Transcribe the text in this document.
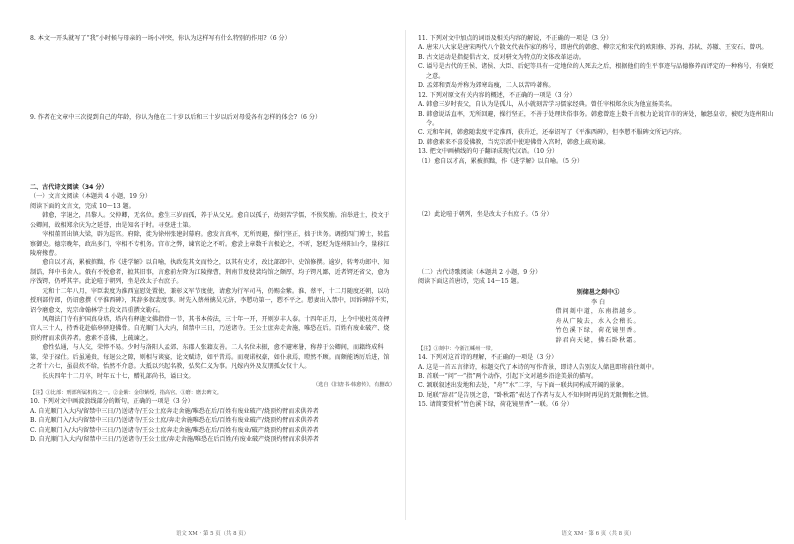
8. 本文一开头就写了“我”小时候与母亲的一场小冲突，你认为这样写有什么特别的作用?（6 分）

9. 作者在文章中三次提到自己的年龄，你认为他在二十岁以后和三十岁以后对母爱各有怎样的体会?（6 分）

二、古代诗文阅读（34 分）

（一）文言文阅读（本题共 4 小题，19 分）

阅读下面的文言文，完成 10～13 题。

韩愈，字退之，昌黎人。父仲卿，无名位。愈生三岁而孤，养于从父兄。愈自以孤子，幼刻苦学儒，不俟奖励。洎举进士，投文于公卿间，故相郑余庆为之延誉，由是知名于时。寻登进士第。

宰相董晋出镇大梁，辟为巡官。府除，徙为徐州张建封幕府。愈发言真率，无所畏避，操行坚正，拙于世务。调授四门博士，转监察御史。德宗晚年，政出多门，宰相不专机务。宫市之弊，谏官论之不听。愈尝上章数千言极论之，不听，怒贬为连州阳山令，量移江陵府掾曹。

愈自以才高，累被摈黜，作《进学解》以自喻，执政览其文而怜之，以其有史才，改比部郎中、史馆修撰。逾岁，转考功郎中、知制诰，拜中书舍人。俄有不悦愈者，摭其旧事，言愈前左降为江陵掾曹，荆南节度使裴均馆之颇厚，均子锷凡鄙，近者锷还省父，愈为序饯锷，仍呼其字。此论喧于朝列，坐是改太子右庶子。

元和十二年八月，宰臣裴度为淮西宣慰处置使，兼彰义军节度使，请愈为行军司马，仍赐金紫。淮、蔡平，十二月随度还朝，以功授刑部侍郎，仍诏愈撰《平淮西碑》，其辞多叙裴度事。时先入蔡州擒吴元济，李愬功第一，愬不平之。愬妻出入禁中，因诉碑辞不实，诏令磨愈文，宪宗命翰林学士段文昌重撰文勒石。

凤翔法门寺有护国真身塔，塔内有释迦文佛指骨一节，其书本传法，三十年一开，开则岁丰人泰。十四年正月，上令中使杜英奇押宫人三十人，持香花赴临皋驿迎佛骨。自光顺门入大内，留禁中三日，乃送诸寺。王公士庶奔走舍施，唯恐在后。百姓有废业破产、烧顶灼臂而求供养者。愈素不喜佛，上疏谏之。

愈性弘通，与人交，荣悴不易。少时与洛阳人孟郊、东郡人张籍友善。二人名位未振，愈不避寒暑，称荐于公卿间，而籍终成科第，荣于禄仕。后虽通贵，每退公之隙，则相与谈宴，论文赋诗，如平昔焉。而观诺权豪，如仆隶焉，瞪然不顾。而颇能诱厉后进，馆之者十六七，虽晨炊不给，怡然不介意。大抵以兴起名教，弘奖仁义为事。凡嫁内外及友朋孤女仅十人。

长庆四年十二月卒，时年五十七，赠礼部尚书，谥曰文。

（选自《旧唐书·韩愈传》，有删改）

【注】①比部：刑部所属机构之一。②金紫：金印紫绶，指高官。③磨：磨去碑文。

10. 下列对文中画波浪线部分的断句，正确的一项是（3 分）

A. 自光顺门入大内/留禁中三日/乃送诸寺/王公士庶奔走舍施/唯恐在后/百姓有废业破产/烧顶灼臂而求供养者

B. 自光顺门入/大内留禁中三日/乃送诸寺/王公士庶/奔走舍施唯恐在后/百姓有废业破产/烧顶灼臂而求供养者

C. 自光顺门入/大内留禁中三日/乃送诸寺/王公士庶奔走舍施/唯恐在后/百姓有废业/破产烧顶灼臂而求供养者

D. 自光顺门入大内/留禁中三日/乃送诸寺/王公士庶/奔走舍施/唯恐在后百姓/有废业破产烧顶灼臂而求供养者

语文 XM · 第 5 页（共 8 页）

11. 下列对文中加点的词语及相关内容的解说，不正确的一项是（3 分）

A. 唐宋八大家是唐宋两代八个散文代表作家的称号，即唐代的韩愈、柳宗元和宋代的欧阳修、苏洵、苏轼、苏辙、王安石、曾巩。

B. 古文运动是指提倡古文、反对骈文为特点的文体改革运动。

C. 谥号是古代的王侯、诸侯、大臣、后妃等具有一定地位的人死去之后，根据他们的生平事迹与品德修养而评定的一种称号，有褒贬之意。

D. 孟郊和贾岛并称为郊寒岛瘦，二人以苦吟著称。

12. 下列对原文有关内容的概述，不正确的一项是（3 分）

A. 韩愈三岁时丧父，自认为是孤儿，从小就刻苦学习儒家经典。曾任宰相郑余庆为他宣扬美名。

B. 韩愈说话直率，无所回避，操行坚正，不善于处理世俗事务。韩愈曾连上数千言极力论说宫市的害处，触怒皇帝，被贬为连州阳山令。

C. 元和年间，韩愈随裴度平定淮西，获升迁，还奉诏写了《平淮西碑》，但李愬不服碑文所记内容。

D. 韩愈素来不喜爱佛教，当宪宗派中使迎佛骨入宫时，韩愈上疏劝谏。

13. 把文中画横线的句子翻译成现代汉语。（10 分）

（1）愈自以才高，累被摈黜，作《进学解》以自喻。（5 分）

（2）此论喧于朝列，坐是改太子右庶子。（5 分）

（二）古代诗歌阅读（本题共 2 小题，9 分）

阅读下面这首唐诗，完成 14～15 题。

别储邕之剡中①

李 白

借问剡中道，东南指越乡。

舟从广陵去，水入会稽长。

竹色溪下绿，荷花镜里香。

辞君向天姥，拂石卧秋霜。

【注】①剡中：今浙江嵊州一带。

14. 下列对这首诗的理解，不正确的一项是（3 分）

A. 这是一首五言律诗，标题交代了本诗的写作背景，即诗人告别友人储邕即将前往剡中。

B. 首联一“问”一“指”两个动作，引起下文对越乡沿途美景的描写。

C. 颔联叙述出发地和去处，“舟”“水”二字，与下面一联共同构成开阔的景象。

D. 尾联“辞君”是告别之意，“卧秋霜”表达了作者与友人不知何时再见的无限惆怅之情。

15. 请简要赏析“竹色溪下绿，荷花镜里香”一联。（6 分）

语文 XM · 第 6 页（共 8 页）
